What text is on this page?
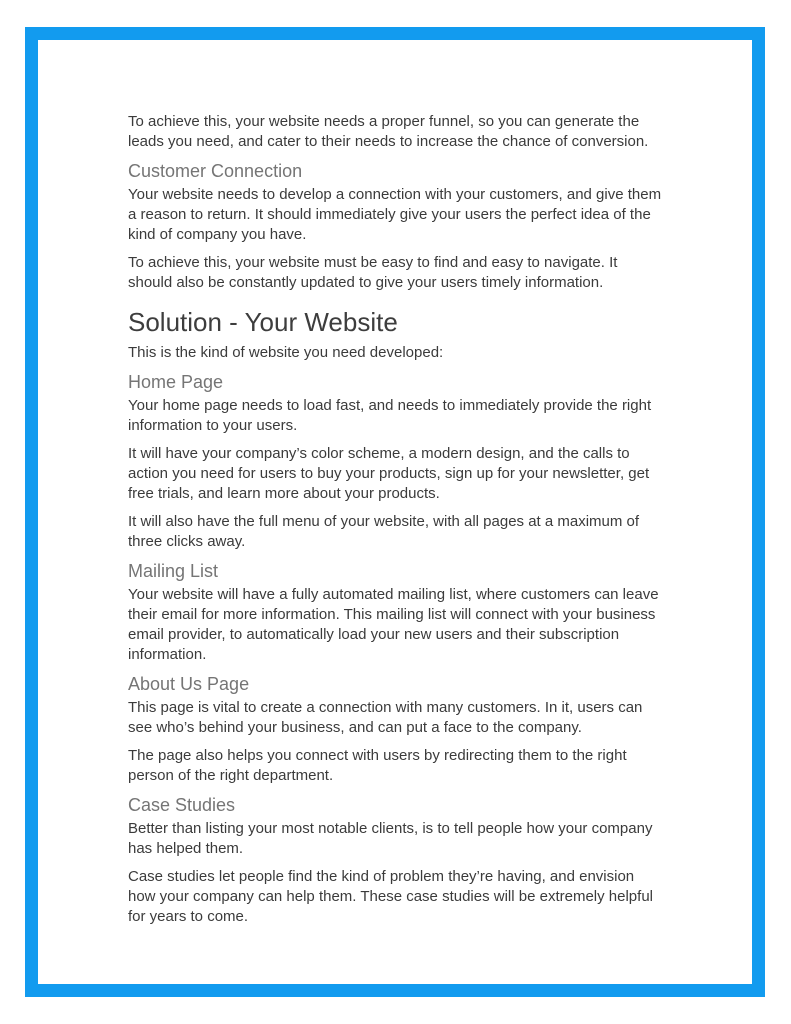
To achieve this, your website needs a proper funnel, so you can generate the leads you need, and cater to their needs to increase the chance of conversion.

Customer Connection

Your website needs to develop a connection with your customers, and give them a reason to return. It should immediately give your users the perfect idea of the kind of company you have.

To achieve this, your website must be easy to find and easy to navigate. It should also be constantly updated to give your users timely information.

Solution - Your Website

This is the kind of website you need developed:

Home Page

Your home page needs to load fast, and needs to immediately provide the right information to your users.

It will have your company’s color scheme, a modern design, and the calls to action you need for users to buy your products, sign up for your newsletter, get free trials, and learn more about your products.

It will also have the full menu of your website, with all pages at a maximum of three clicks away.

Mailing List

Your website will have a fully automated mailing list, where customers can leave their email for more information. This mailing list will connect with your business email provider, to automatically load your new users and their subscription information.

About Us Page

This page is vital to create a connection with many customers. In it, users can see who’s behind your business, and can put a face to the company.

The page also helps you connect with users by redirecting them to the right person of the right department.

Case Studies

Better than listing your most notable clients, is to tell people how your company has helped them.

Case studies let people find the kind of problem they’re having, and envision how your company can help them. These case studies will be extremely helpful for years to come.
